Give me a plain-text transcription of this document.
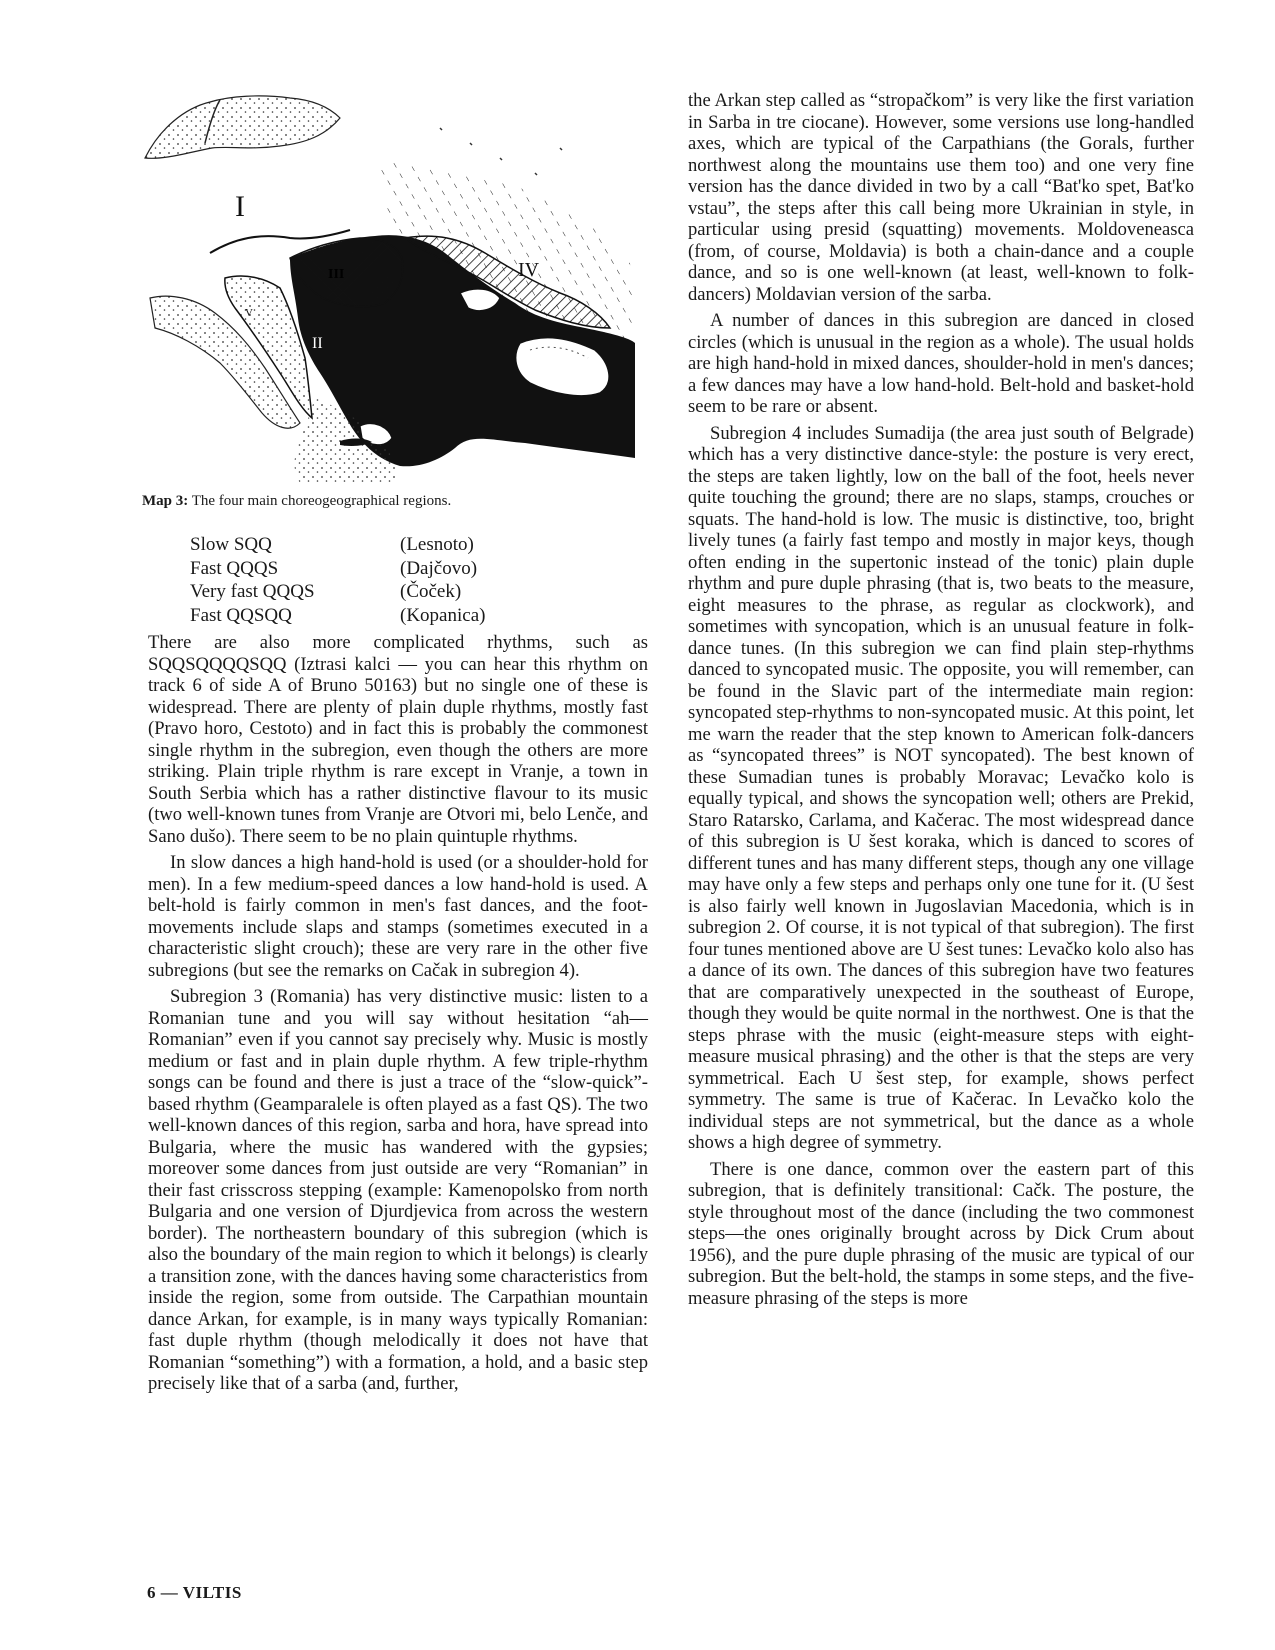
I
II
III	IV
V
Map 3: The four main choreogeographical regions.
Slow SQQ	(Lesnoto)
Fast QQQS	(Dajčovo)
Very fast QQQS	(Čoček)
Fast QQSQQ	(Kopanica)

There are also more complicated rhythms, such as SQQSQQQQSQQ (Iztrasi kalci — you can hear this rhythm on track 6 of side A of Bruno 50163) but no single one of these is widespread. There are plenty of plain duple rhythms, mostly fast (Pravo horo, Cestoto) and in fact this is probably the commonest single rhythm in the subregion, even though the others are more striking. Plain triple rhythm is rare except in Vranje, a town in South Serbia which has a rather distinctive flavour to its music (two well-known tunes from Vranje are Otvori mi, belo Lenče, and Sano dušo). There seem to be no plain quintuple rhythms.

In slow dances a high hand-hold is used (or a shoulder-hold for men). In a few medium-speed dances a low hand-hold is used. A belt-hold is fairly common in men's fast dances, and the foot-movements include slaps and stamps (sometimes executed in a characteristic slight crouch); these are very rare in the other five subregions (but see the remarks on Cačak in subregion 4).

Subregion 3 (Romania) has very distinctive music: listen to a Romanian tune and you will say without hesitation “ah—Romanian” even if you cannot say precisely why. Music is mostly medium or fast and in plain duple rhythm. A few triple-rhythm songs can be found and there is just a trace of the “slow-quick”-based rhythm (Geamparalele is often played as a fast QS). The two well-known dances of this region, sarba and hora, have spread into Bulgaria, where the music has wandered with the gypsies; moreover some dances from just outside are very “Romanian” in their fast crisscross stepping (example: Kamenopolsko from north Bulgaria and one version of Djurdjevica from across the western border). The northeastern boundary of this subregion (which is also the boundary of the main region to which it belongs) is clearly a transition zone, with the dances having some characteristics from inside the region, some from outside. The Carpathian mountain dance Arkan, for example, is in many ways typically Romanian: fast duple rhythm (though melodically it does not have that Romanian “something”) with a formation, a hold, and a basic step precisely like that of a sarba (and, further,

the Arkan step called as “stropačkom” is very like the first variation in Sarba in tre ciocane). However, some versions use long-handled axes, which are typical of the Carpathians (the Gorals, further northwest along the mountains use them too) and one very fine version has the dance divided in two by a call “Bat'ko spet, Bat'ko vstau”, the steps after this call being more Ukrainian in style, in particular using presid (squatting) movements. Moldoveneasca (from, of course, Moldavia) is both a chain-dance and a couple dance, and so is one well-known (at least, well-known to folk-dancers) Moldavian version of the sarba.

A number of dances in this subregion are danced in closed circles (which is unusual in the region as a whole). The usual holds are high hand-hold in mixed dances, shoulder-hold in men's dances; a few dances may have a low hand-hold. Belt-hold and basket-hold seem to be rare or absent.

Subregion 4 includes Sumadija (the area just south of Belgrade) which has a very distinctive dance-style: the posture is very erect, the steps are taken lightly, low on the ball of the foot, heels never quite touching the ground; there are no slaps, stamps, crouches or squats. The hand-hold is low. The music is distinctive, too, bright lively tunes (a fairly fast tempo and mostly in major keys, though often ending in the supertonic instead of the tonic) plain duple rhythm and pure duple phrasing (that is, two beats to the measure, eight measures to the phrase, as regular as clockwork), and sometimes with syncopation, which is an unusual feature in folk-dance tunes. (In this subregion we can find plain step-rhythms danced to syncopated music. The opposite, you will remember, can be found in the Slavic part of the intermediate main region: syncopated step-rhythms to non-syncopated music. At this point, let me warn the reader that the step known to American folk-dancers as “syncopated threes” is NOT syncopated). The best known of these Sumadian tunes is probably Moravac; Levačko kolo is equally typical, and shows the syncopation well; others are Prekid, Staro Ratarsko, Carlama, and Kačerac. The most widespread dance of this subregion is U šest koraka, which is danced to scores of different tunes and has many different steps, though any one village may have only a few steps and perhaps only one tune for it. (U šest is also fairly well known in Jugoslavian Macedonia, which is in subregion 2. Of course, it is not typical of that subregion). The first four tunes mentioned above are U šest tunes: Levačko kolo also has a dance of its own. The dances of this subregion have two features that are comparatively unexpected in the southeast of Europe, though they would be quite normal in the northwest. One is that the steps phrase with the music (eight-measure steps with eight-measure musical phrasing) and the other is that the steps are very symmetrical. Each U šest step, for example, shows perfect symmetry. The same is true of Kačerac. In Levačko kolo the individual steps are not symmetrical, but the dance as a whole shows a high degree of symmetry.

There is one dance, common over the eastern part of this subregion, that is definitely transitional: Cačk. The posture, the style throughout most of the dance (including the two commonest steps—the ones originally brought across by Dick Crum about 1956), and the pure duple phrasing of the music are typical of our subregion. But the belt-hold, the stamps in some steps, and the five-measure phrasing of the steps is more

6 — VILTIS
